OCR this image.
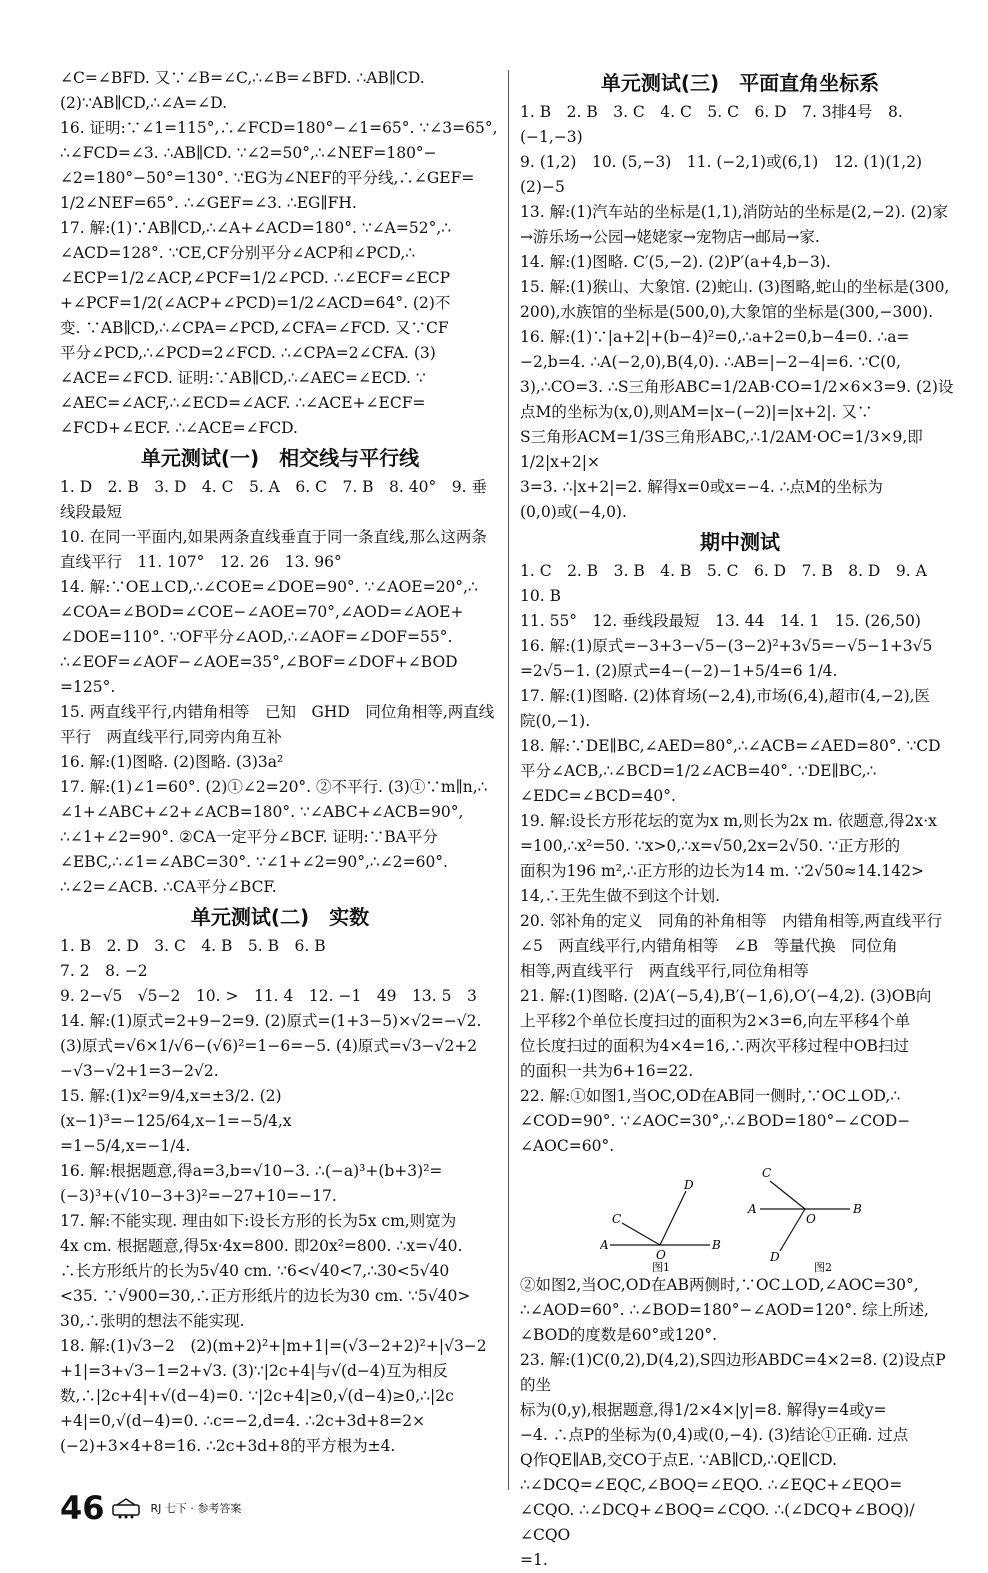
∠C=∠BFD. 又∵∠B=∠C,∴∠B=∠BFD. ∴AB∥CD.
(2)∵AB∥CD,∴∠A=∠D.
16. 证明:∵∠1=115°,∴∠FCD=180°−∠1=65°. ∵∠3=65°,
∴∠FCD=∠3. ∴AB∥CD. ∵∠2=50°,∴∠NEF=180°−
∠2=180°−50°=130°. ∵EG为∠NEF的平分线,∴∠GEF=
1/2∠NEF=65°. ∴∠GEF=∠3. ∴EG∥FH.
17. 解:(1)∵AB∥CD,∴∠A+∠ACD=180°. ∵∠A=52°,∴
∠ACD=128°. ∵CE,CF分别平分∠ACP和∠PCD,∴
∠ECP=1/2∠ACP,∠PCF=1/2∠PCD. ∴∠ECF=∠ECP
+∠PCF=1/2(∠ACP+∠PCD)=1/2∠ACD=64°. (2)不
变. ∵AB∥CD,∴∠CPA=∠PCD,∠CFA=∠FCD. 又∵CF
平分∠PCD,∴∠PCD=2∠FCD. ∴∠CPA=2∠CFA. (3)
∠ACE=∠FCD. 证明:∵AB∥CD,∴∠AEC=∠ECD. ∵
∠AEC=∠ACF,∴∠ECD=∠ACF. ∴∠ACE+∠ECF=
∠FCD+∠ECF. ∴∠ACE=∠FCD.
单元测试(一)　相交线与平行线
1. D　2. B　3. D　4. C　5. A　6. C　7. B　8. 40°　9. 垂线段最短
10. 在同一平面内,如果两条直线垂直于同一条直线,那么这两条
直线平行　11. 107°　12. 26　13. 96°
14. 解:∵OE⊥CD,∴∠COE=∠DOE=90°. ∵∠AOE=20°,∴
∠COA=∠BOD=∠COE−∠AOE=70°,∠AOD=∠AOE+
∠DOE=110°. ∵OF平分∠AOD,∴∠AOF=∠DOF=55°.
∴∠EOF=∠AOF−∠AOE=35°,∠BOF=∠DOF+∠BOD
=125°.
15. 两直线平行,内错角相等　已知　GHD　同位角相等,两直线
平行　两直线平行,同旁内角互补
16. 解:(1)图略. (2)图略. (3)3a²
17. 解:(1)∠1=60°. (2)①∠2=20°. ②不平行. (3)①∵m∥n,∴
∠1+∠ABC+∠2+∠ACB=180°. ∵∠ABC+∠ACB=90°,
∴∠1+∠2=90°. ②CA一定平分∠BCF. 证明:∵BA平分
∠EBC,∴∠1=∠ABC=30°. ∵∠1+∠2=90°,∴∠2=60°.
∴∠2=∠ACB. ∴CA平分∠BCF.
单元测试(二)　实数
1. B　2. D　3. C　4. B　5. B　6. B
7. 2　8. −2
9. 2−√5　√5−2　10. >　11. 4　12. −1　49　13. 5　3
14. 解:(1)原式=2+9−2=9. (2)原式=(1+3−5)×√2=−√2.
(3)原式=√6×1/√6−(√6)²=1−6=−5. (4)原式=√3−√2+2
−√3−√2+1=3−2√2.
15. 解:(1)x²=9/4,x=±3/2. (2)(x−1)³=−125/64,x−1=−5/4,x
=1−5/4,x=−1/4.
16. 解:根据题意,得a=3,b=√10−3. ∴(−a)³+(b+3)²=
(−3)³+(√10−3+3)²=−27+10=−17.
17. 解:不能实现. 理由如下:设长方形的长为5x cm,则宽为
4x cm. 根据题意,得5x·4x=800. 即20x²=800. ∴x=√40.
∴长方形纸片的长为5√40 cm. ∵6<√40<7,∴30<5√40
<35. ∵√900=30,∴正方形纸片的边长为30 cm. ∵5√40>
30,∴张明的想法不能实现.
18. 解:(1)√3−2　(2)(m+2)²+|m+1|=(√3−2+2)²+|√3−2
+1|=3+√3−1=2+√3. (3)∵|2c+4|与√(d−4)互为相反
数,∴|2c+4|+√(d−4)=0. ∵|2c+4|≥0,√(d−4)≥0,∴|2c
+4|=0,√(d−4)=0. ∴c=−2,d=4. ∴2c+3d+8=2×
(−2)+3×4+8=16. ∴2c+3d+8的平方根为±4.
单元测试(三)　平面直角坐标系
1. B　2. B　3. C　4. C　5. C　6. D　7. 3排4号　8. (−1,−3)
9. (1,2)　10. (5,−3)　11. (−2,1)或(6,1)　12. (1)(1,2)
(2)−5
13. 解:(1)汽车站的坐标是(1,1),消防站的坐标是(2,−2). (2)家
→游乐场→公园→姥姥家→宠物店→邮局→家.
14. 解:(1)图略. C′(5,−2). (2)P′(a+4,b−3).
15. 解:(1)猴山、大象馆. (2)蛇山. (3)图略,蛇山的坐标是(300,
200),水族馆的坐标是(500,0),大象馆的坐标是(300,−300).
16. 解:(1)∵|a+2|+(b−4)²=0,∴a+2=0,b−4=0. ∴a=
−2,b=4. ∴A(−2,0),B(4,0). ∴AB=|−2−4|=6. ∵C(0,
3),∴CO=3. ∴S三角形ABC=1/2AB·CO=1/2×6×3=9. (2)设
点M的坐标为(x,0),则AM=|x−(−2)|=|x+2|. 又∵
S三角形ACM=1/3S三角形ABC,∴1/2AM·OC=1/3×9,即1/2|x+2|×
3=3. ∴|x+2|=2. 解得x=0或x=−4. ∴点M的坐标为
(0,0)或(−4,0).
期中测试
1. C　2. B　3. B　4. B　5. C　6. D　7. B　8. D　9. A　10. B
11. 55°　12. 垂线段最短　13. 44　14. 1　15. (26,50)
16. 解:(1)原式=−3+3−√5−(3−2)²+3√5=−√5−1+3√5
=2√5−1. (2)原式=4−(−2)−1+5/4=6 1/4.
17. 解:(1)图略. (2)体育场(−2,4),市场(6,4),超市(4,−2),医
院(0,−1).
18. 解:∵DE∥BC,∠AED=80°,∴∠ACB=∠AED=80°. ∵CD
平分∠ACB,∴∠BCD=1/2∠ACB=40°. ∵DE∥BC,∴
∠EDC=∠BCD=40°.
19. 解:设长方形花坛的宽为x m,则长为2x m. 依题意,得2x·x
=100,∴x²=50. ∵x>0,∴x=√50,2x=2√50. ∵正方形的
面积为196 m²,∴正方形的边长为14 m. ∵2√50≈14.142>
14,∴王先生做不到这个计划.
20. 邻补角的定义　同角的补角相等　内错角相等,两直线平行
∠5　两直线平行,内错角相等　∠B　等量代换　同位角
相等,两直线平行　两直线平行,同位角相等
21. 解:(1)图略. (2)A′(−5,4),B′(−1,6),O′(−4,2). (3)OB向
上平移2个单位长度扫过的面积为2×3=6,向左平移4个单
位长度扫过的面积为4×4=16,∴两次平移过程中OB扫过
的面积一共为6+16=22.
22. 解:①如图1,当OC,OD在AB同一侧时,∵OC⊥OD,∴
∠COD=90°. ∵∠AOC=30°,∴∠BOD=180°−∠COD−
∠AOC=60°.
A	B
C
D
O
图1
A	B
C
D
O
图2
②如图2,当OC,OD在AB两侧时,∵OC⊥OD,∠AOC=30°,
∴∠AOD=60°. ∴∠BOD=180°−∠AOD=120°. 综上所述,
∠BOD的度数是60°或120°.
23. 解:(1)C(0,2),D(4,2),S四边形ABDC=4×2=8. (2)设点P的坐
标为(0,y),根据题意,得1/2×4×|y|=8. 解得y=4或y=
−4. ∴点P的坐标为(0,4)或(0,−4). (3)结论①正确. 过点
Q作QE∥AB,交CO于点E. ∵AB∥CD,∴QE∥CD.
∴∠DCQ=∠EQC,∠BOQ=∠EQO. ∴∠EQC+∠EQO=
∠CQO. ∴∠DCQ+∠BOQ=∠CQO. ∴(∠DCQ+∠BOQ)/∠CQO
=1.
46	RJ 七下 · 参考答案
